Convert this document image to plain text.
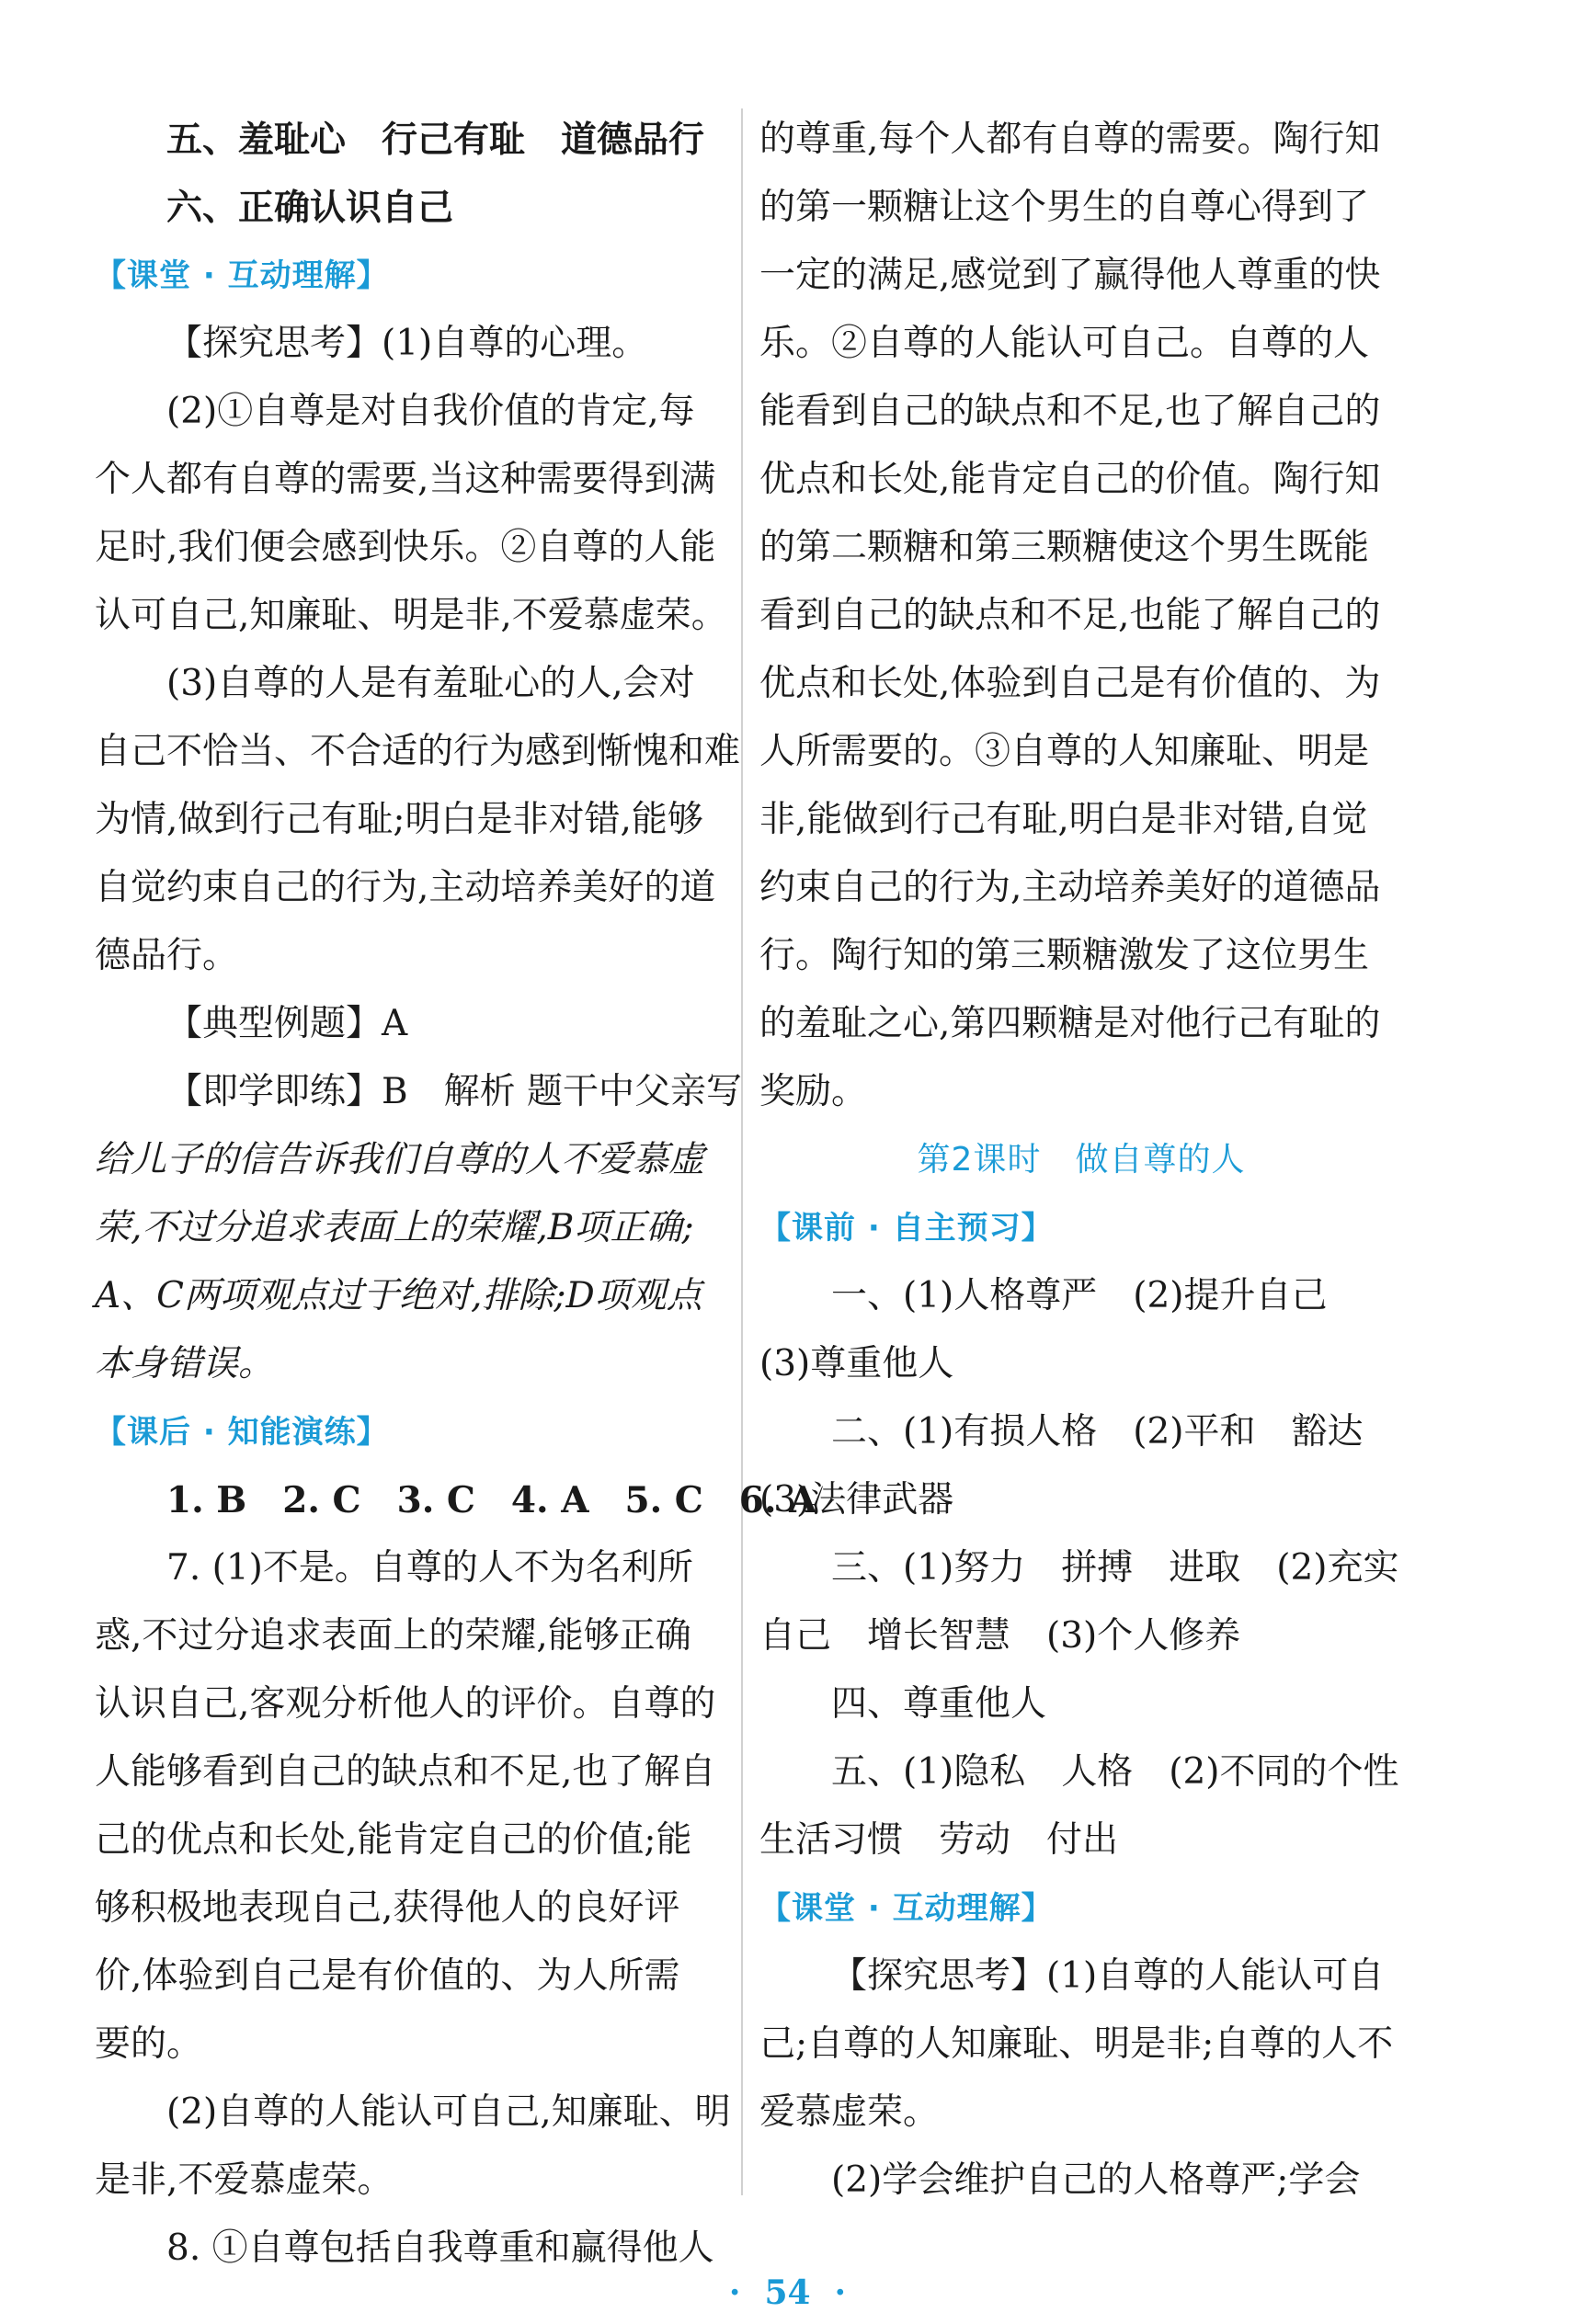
五、羞耻心　行己有耻　道德品行
六、正确认识自己
【课堂 · 互动理解】
【探究思考】(1)自尊的心理。
(2)①自尊是对自我价值的肯定,每
个人都有自尊的需要,当这种需要得到满
足时,我们便会感到快乐。②自尊的人能
认可自己,知廉耻、明是非,不爱慕虚荣。
(3)自尊的人是有羞耻心的人,会对
自己不恰当、不合适的行为感到惭愧和难
为情,做到行己有耻;明白是非对错,能够
自觉约束自己的行为,主动培养美好的道
德品行。
【典型例题】A
【即学即练】B　解析 题干中父亲写
给儿子的信告诉我们自尊的人不爱慕虚
荣,不过分追求表面上的荣耀,B项正确;
A、C两项观点过于绝对,排除;D项观点
本身错误。
【课后 · 知能演练】
1. B　2. C　3. C　4. A　5. C　6. A
7. (1)不是。自尊的人不为名利所
惑,不过分追求表面上的荣耀,能够正确
认识自己,客观分析他人的评价。自尊的
人能够看到自己的缺点和不足,也了解自
己的优点和长处,能肯定自己的价值;能
够积极地表现自己,获得他人的良好评
价,体验到自己是有价值的、为人所需
要的。
(2)自尊的人能认可自己,知廉耻、明
是非,不爱慕虚荣。
8. ①自尊包括自我尊重和赢得他人
的尊重,每个人都有自尊的需要。陶行知
的第一颗糖让这个男生的自尊心得到了
一定的满足,感觉到了赢得他人尊重的快
乐。②自尊的人能认可自己。自尊的人
能看到自己的缺点和不足,也了解自己的
优点和长处,能肯定自己的价值。陶行知
的第二颗糖和第三颗糖使这个男生既能
看到自己的缺点和不足,也能了解自己的
优点和长处,体验到自己是有价值的、为
人所需要的。③自尊的人知廉耻、明是
非,能做到行己有耻,明白是非对错,自觉
约束自己的行为,主动培养美好的道德品
行。陶行知的第三颗糖激发了这位男生
的羞耻之心,第四颗糖是对他行己有耻的
奖励。
第2课时　做自尊的人
【课前 · 自主预习】
一、(1)人格尊严　(2)提升自己
(3)尊重他人
二、(1)有损人格　(2)平和　豁达
(3)法律武器
三、(1)努力　拼搏　进取　(2)充实
自己　增长智慧　(3)个人修养
四、尊重他人
五、(1)隐私　人格　(2)不同的个性
生活习惯　劳动　付出
【课堂 · 互动理解】
【探究思考】(1)自尊的人能认可自
己;自尊的人知廉耻、明是非;自尊的人不
爱慕虚荣。
(2)学会维护自己的人格尊严;学会
· 54 ·
